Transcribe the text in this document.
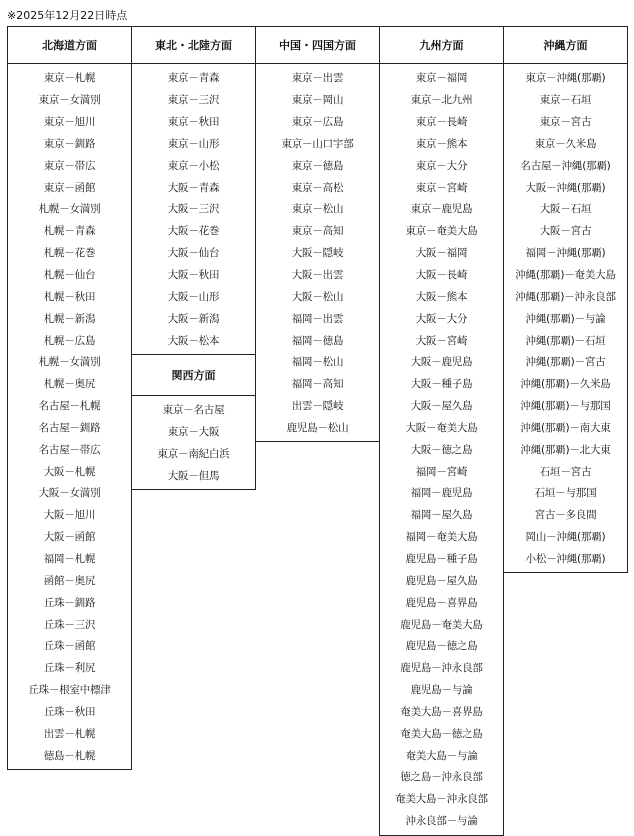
※2025年12月22日時点
北海道方面
東京－札幌
東京－女満別
東京－旭川
東京－釧路
東京－帯広
東京－函館
札幌－女満別
札幌－青森
札幌－花巻
札幌－仙台
札幌－秋田
札幌－新潟
札幌－広島
札幌－女満別
札幌－奥尻
名古屋－札幌
名古屋－釧路
名古屋－帯広
大阪－札幌
大阪－女満別
大阪－旭川
大阪－函館
福岡－札幌
函館－奥尻
丘珠－釧路
丘珠－三沢
丘珠－函館
丘珠－利尻
丘珠－根室中標津
丘珠－秋田
出雲－札幌
徳島－札幌
東北・北陸方面
東京－青森
東京－三沢
東京－秋田
東京－山形
東京－小松
大阪－青森
大阪－三沢
大阪－花巻
大阪－仙台
大阪－秋田
大阪－山形
大阪－新潟
大阪－松本
関西方面
東京－名古屋
東京－大阪
東京－南紀白浜
大阪－但馬
中国・四国方面
東京－出雲
東京－岡山
東京－広島
東京－山口宇部
東京－徳島
東京－高松
東京－松山
東京－高知
大阪－隠岐
大阪－出雲
大阪－松山
福岡－出雲
福岡－徳島
福岡－松山
福岡－高知
出雲－隠岐
鹿児島－松山
九州方面
東京－福岡
東京－北九州
東京－長崎
東京－熊本
東京－大分
東京－宮崎
東京－鹿児島
東京－奄美大島
大阪－福岡
大阪－長崎
大阪－熊本
大阪－大分
大阪－宮崎
大阪－鹿児島
大阪－種子島
大阪－屋久島
大阪－奄美大島
大阪－徳之島
福岡－宮崎
福岡－鹿児島
福岡－屋久島
福岡－奄美大島
鹿児島－種子島
鹿児島－屋久島
鹿児島－喜界島
鹿児島－奄美大島
鹿児島－徳之島
鹿児島－沖永良部
鹿児島－与論
奄美大島－喜界島
奄美大島－徳之島
奄美大島－与論
徳之島－沖永良部
奄美大島－沖永良部
沖永良部－与論
沖縄方面
東京－沖縄(那覇)
東京－石垣
東京－宮古
東京－久米島
名古屋－沖縄(那覇)
大阪－沖縄(那覇)
大阪－石垣
大阪－宮古
福岡－沖縄(那覇)
沖縄(那覇)－奄美大島
沖縄(那覇)－沖永良部
沖縄(那覇)－与論
沖縄(那覇)－石垣
沖縄(那覇)－宮古
沖縄(那覇)－久米島
沖縄(那覇)－与那国
沖縄(那覇)－南大東
沖縄(那覇)－北大東
石垣－宮古
石垣－与那国
宮古－多良間
岡山－沖縄(那覇)
小松－沖縄(那覇)
